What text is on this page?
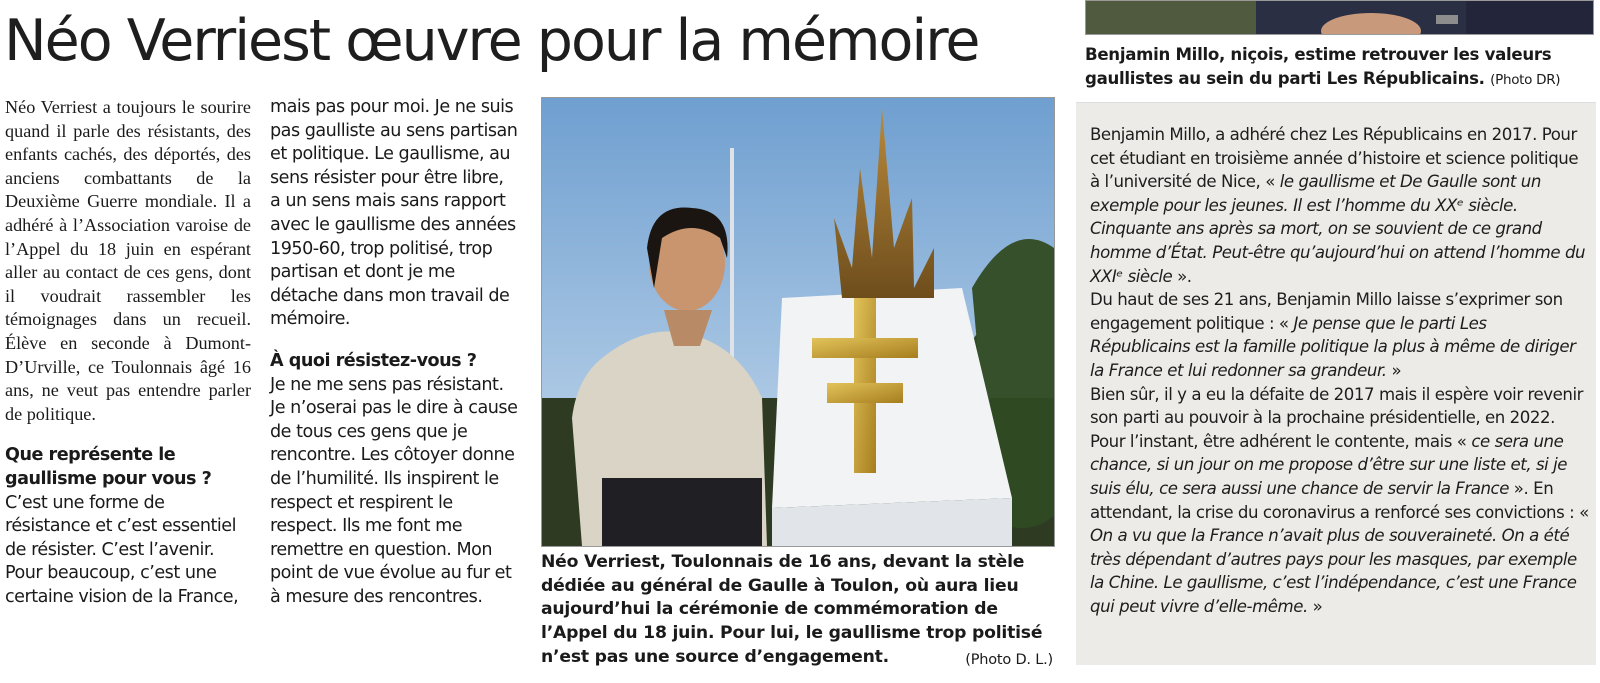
Néo Verriest œuvre pour la mémoire

Néo Verriest a toujours le sourire quand il parle des résistants, des enfants cachés, des déportés, des anciens combattants de la Deuxième Guerre mondiale. Il a adhéré à l’Association varoise de l’Appel du 18 juin en espérant aller au contact de ces gens, dont il voudrait rassembler les témoignages dans un recueil. Élève en seconde à Dumont-D’Urville, ce Toulonnais âgé 16 ans, ne veut pas entendre parler de politique.

Que représente le gaullisme pour vous ?

C’est une forme de résistance et c’est essentiel de résister. C’est l’avenir. Pour beaucoup, c’est une certaine vision de la France,

mais pas pour moi. Je ne suis pas gaulliste au sens partisan et politique. Le gaullisme, au sens résister pour être libre, a un sens mais sans rapport avec le gaullisme des années 1950-60, trop politisé, trop partisan et dont je me détache dans mon travail de mémoire.

À quoi résistez-vous ?

Je ne me sens pas résistant. Je n’oserai pas le dire à cause de tous ces gens que je rencontre. Les côtoyer donne de l’humilité. Ils inspirent le respect et respirent le respect. Ils me font me remettre en question. Mon point de vue évolue au fur et à mesure des rencontres.

Néo Verriest, Toulonnais de 16 ans, devant la stèle dédiée au général de Gaulle à Toulon, où aura lieu aujourd’hui la cérémonie de commémoration de l’Appel du 18 juin. Pour lui, le gaullisme trop politisé n’est pas une source d’engagement.	(Photo D. L.)
Benjamin Millo, niçois, estime retrouver les valeurs gaullistes au sein du parti Les Républicains. (Photo DR)

Benjamin Millo, a adhéré chez Les Républicains en 2017. Pour cet étudiant en troisième année d’histoire et science politique à l’université de Nice, « le gaullisme et De Gaulle sont un exemple pour les jeunes. Il est l’homme du XXᵉ siècle. Cinquante ans après sa mort, on se souvient de ce grand homme d’État. Peut-être qu’aujourd’hui on attend l’homme du XXIᵉ siècle ».

Du haut de ses 21 ans, Benjamin Millo laisse s’exprimer son engagement politique : « Je pense que le parti Les Républicains est la famille politique la plus à même de diriger la France et lui redonner sa grandeur. »

Bien sûr, il y a eu la défaite de 2017 mais il espère voir revenir son parti au pouvoir à la prochaine présidentielle, en 2022. Pour l’instant, être adhérent le contente, mais « ce sera une chance, si un jour on me propose d’être sur une liste et, si je suis élu, ce sera aussi une chance de servir la France ». En attendant, la crise du coronavirus a renforcé ses convictions : « On a vu que la France n’avait plus de souveraineté. On a été très dépendant d’autres pays pour les masques, par exemple la Chine. Le gaullisme, c’est l’indépendance, c’est une France qui peut vivre d’elle-même. »
